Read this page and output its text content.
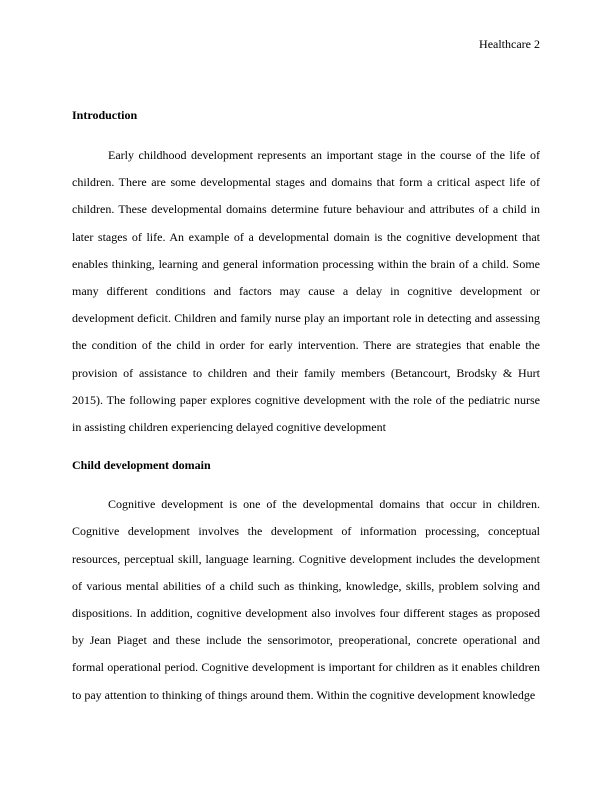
Healthcare 2
Introduction

Early childhood development represents an important stage in the course of the life of children. There are some developmental stages and domains that form a critical aspect life of children. These developmental domains determine future behaviour and attributes of a child in later stages of life. An example of a developmental domain is the cognitive development that enables thinking, learning and general information processing within the brain of a child. Some many different conditions and factors may cause a delay in cognitive development or development deficit. Children and family nurse play an important role in detecting and assessing the condition of the child in order for early intervention. There are strategies that enable the provision of assistance to children and their family members (Betancourt, Brodsky & Hurt 2015). The following paper explores cognitive development with the role of the pediatric nurse in assisting children experiencing delayed cognitive development

Child development domain

Cognitive development is one of the developmental domains that occur in children. Cognitive development involves the development of information processing, conceptual resources, perceptual skill, language learning. Cognitive development includes the development of various mental abilities of a child such as thinking, knowledge, skills, problem solving and dispositions. In addition, cognitive development also involves four different stages as proposed by Jean Piaget and these include the sensorimotor, preoperational, concrete operational and formal operational period. Cognitive development is important for children as it enables children to pay attention to thinking of things around them. Within the cognitive development knowledge
